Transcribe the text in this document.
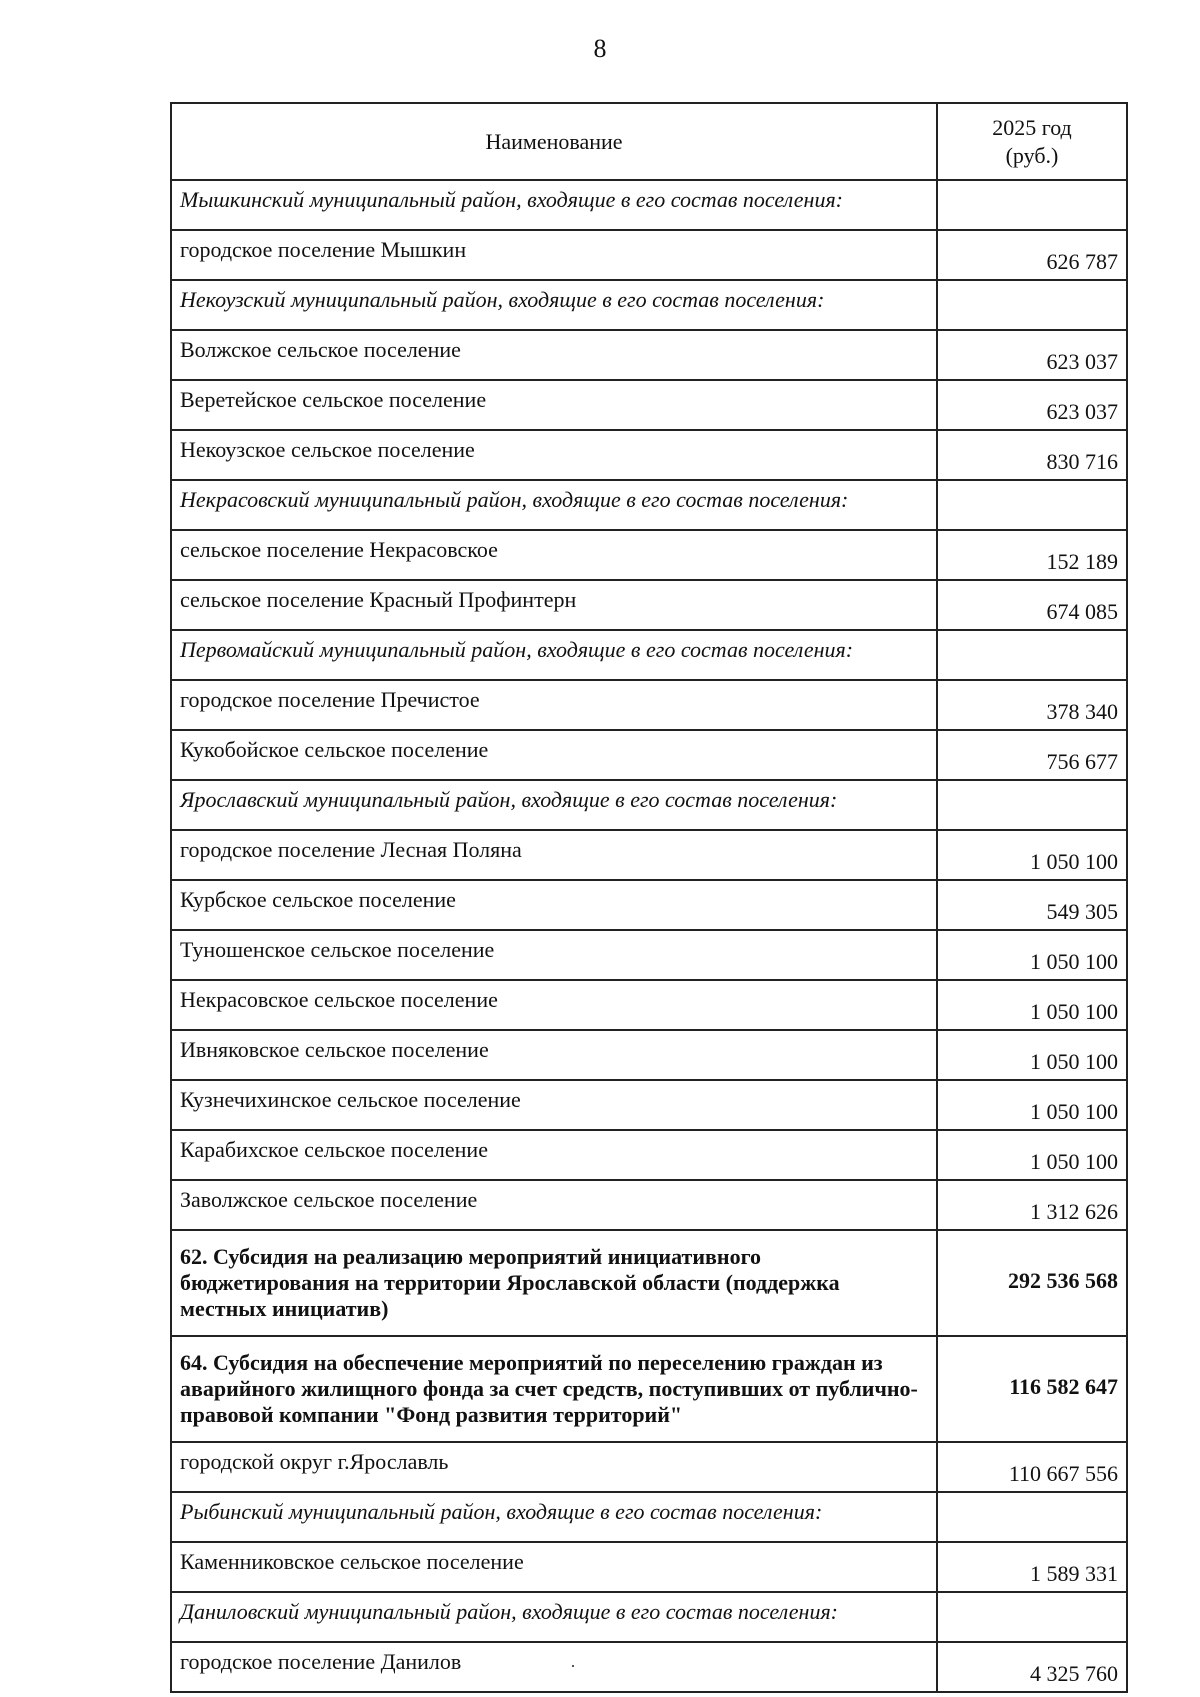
8
Наименование	2025 год
(руб.)

Мышкинский муниципальный район, входящие в его состав поселения:	
городское поселение Мышкин	626 787
Некоузский муниципальный район, входящие в его состав поселения:	
Волжское сельское поселение	623 037
Веретейское сельское поселение	623 037
Некоузское сельское поселение	830 716
Некрасовский муниципальный район, входящие в его состав поселения:	
сельское поселение Некрасовское	152 189
сельское поселение Красный Профинтерн	674 085
Первомайский муниципальный район, входящие в его состав поселения:	
городское поселение Пречистое	378 340
Кукобойское сельское поселение	756 677
Ярославский муниципальный район, входящие в его состав поселения:	
городское поселение Лесная Поляна	1 050 100
Курбское сельское поселение	549 305
Туношенское сельское поселение	1 050 100
Некрасовское сельское поселение	1 050 100
Ивняковское сельское поселение	1 050 100
Кузнечихинское сельское поселение	1 050 100
Карабихское сельское поселение	1 050 100
Заволжское сельское поселение	1 312 626
62. Субсидия на реализацию мероприятий инициативного бюджетирования на территории Ярославской области (поддержка местных инициатив)	292 536 568
64. Субсидия на обеспечение мероприятий по переселению граждан из аварийного жилищного фонда за счет средств, поступивших от публично-правовой компании "Фонд развития территорий"	116 582 647
городской округ г.Ярославль	110 667 556
Рыбинский муниципальный район, входящие в его состав поселения:	
Каменниковское сельское поселение	1 589 331
Даниловский муниципальный район, входящие в его состав поселения:	
городское поселение Данилов	4 325 760
